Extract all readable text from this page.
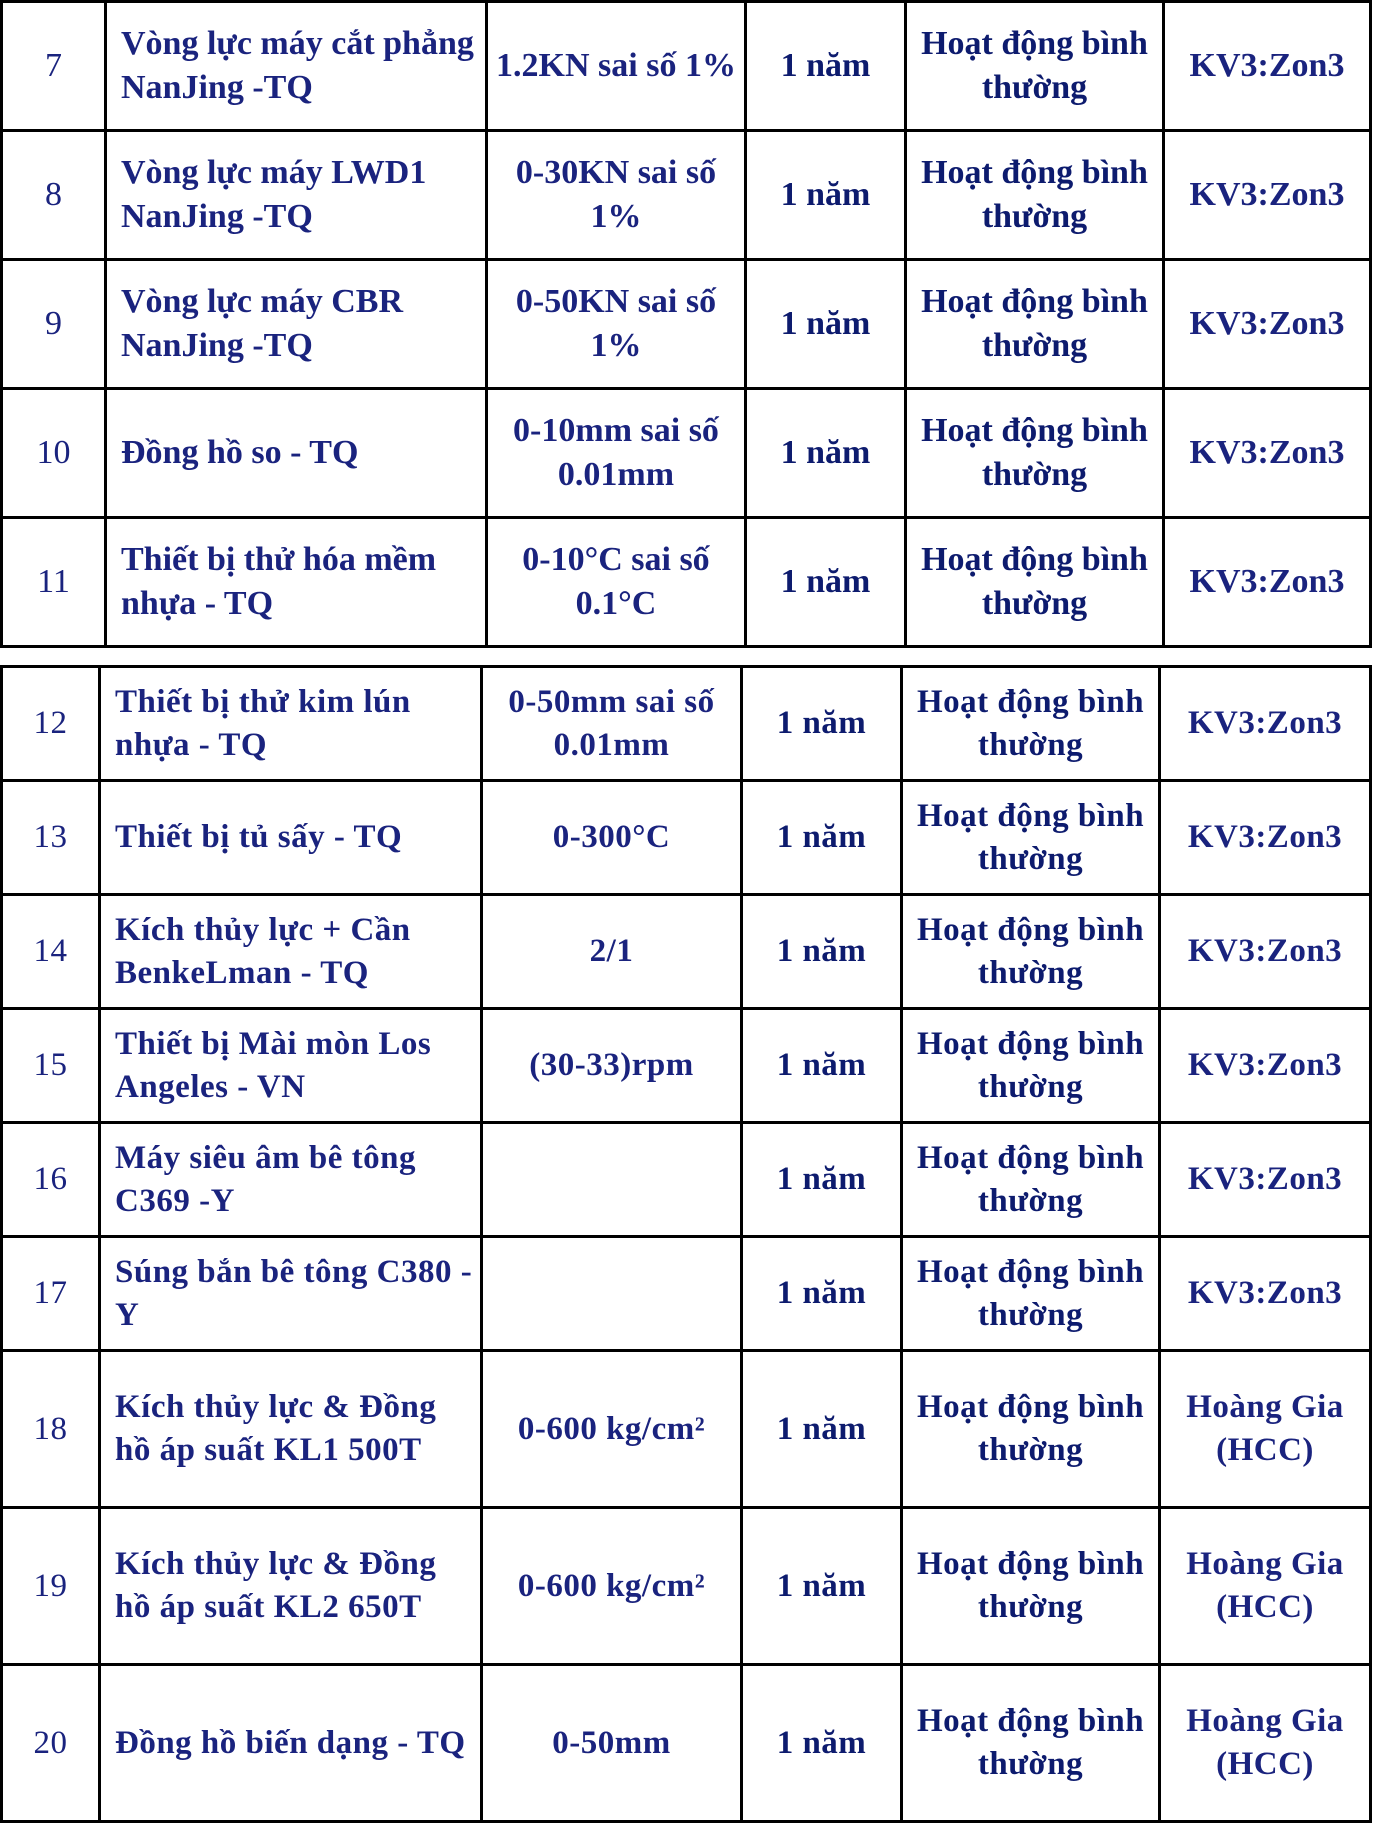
7	Vòng lực máy cắt phẳng NanJing -TQ	1.2KN sai số 1%	1 năm	Hoạt động bình thường	KV3:Zon3
8	Vòng lực máy LWD1 NanJing -TQ	0-30KN sai số 1%	1 năm	Hoạt động bình thường	KV3:Zon3
9	Vòng lực máy CBR NanJing -TQ	0-50KN sai số 1%	1 năm	Hoạt động bình thường	KV3:Zon3
10	Đồng hồ so - TQ	0-10mm sai số 0.01mm	1 năm	Hoạt động bình thường	KV3:Zon3
11	Thiết bị thử hóa mềm nhựa - TQ	0-10°C sai số 0.1°C	1 năm	Hoạt động bình thường	KV3:Zon3
12	Thiết bị thử kim lún nhựa - TQ	0-50mm sai số 0.01mm	1 năm	Hoạt động bình thường	KV3:Zon3
13	Thiết bị tủ sấy - TQ	0-300°C	1 năm	Hoạt động bình thường	KV3:Zon3
14	Kích thủy lực + Cần BenkeLman - TQ	2/1	1 năm	Hoạt động bình thường	KV3:Zon3
15	Thiết bị Mài mòn Los Angeles - VN	(30-33)rpm	1 năm	Hoạt động bình thường	KV3:Zon3
16	Máy siêu âm bê tông C369 -Y		1 năm	Hoạt động bình thường	KV3:Zon3
17	Súng bắn bê tông C380 -Y		1 năm	Hoạt động bình thường	KV3:Zon3
18	Kích thủy lực & Đồng hồ áp suất KL1 500T	0-600 kg/cm²	1 năm	Hoạt động bình thường	Hoàng Gia (HCC)
19	Kích thủy lực & Đồng hồ áp suất KL2 650T	0-600 kg/cm²	1 năm	Hoạt động bình thường	Hoàng Gia (HCC)
20	Đồng hồ biến dạng - TQ	0-50mm	1 năm	Hoạt động bình thường	Hoàng Gia (HCC)
